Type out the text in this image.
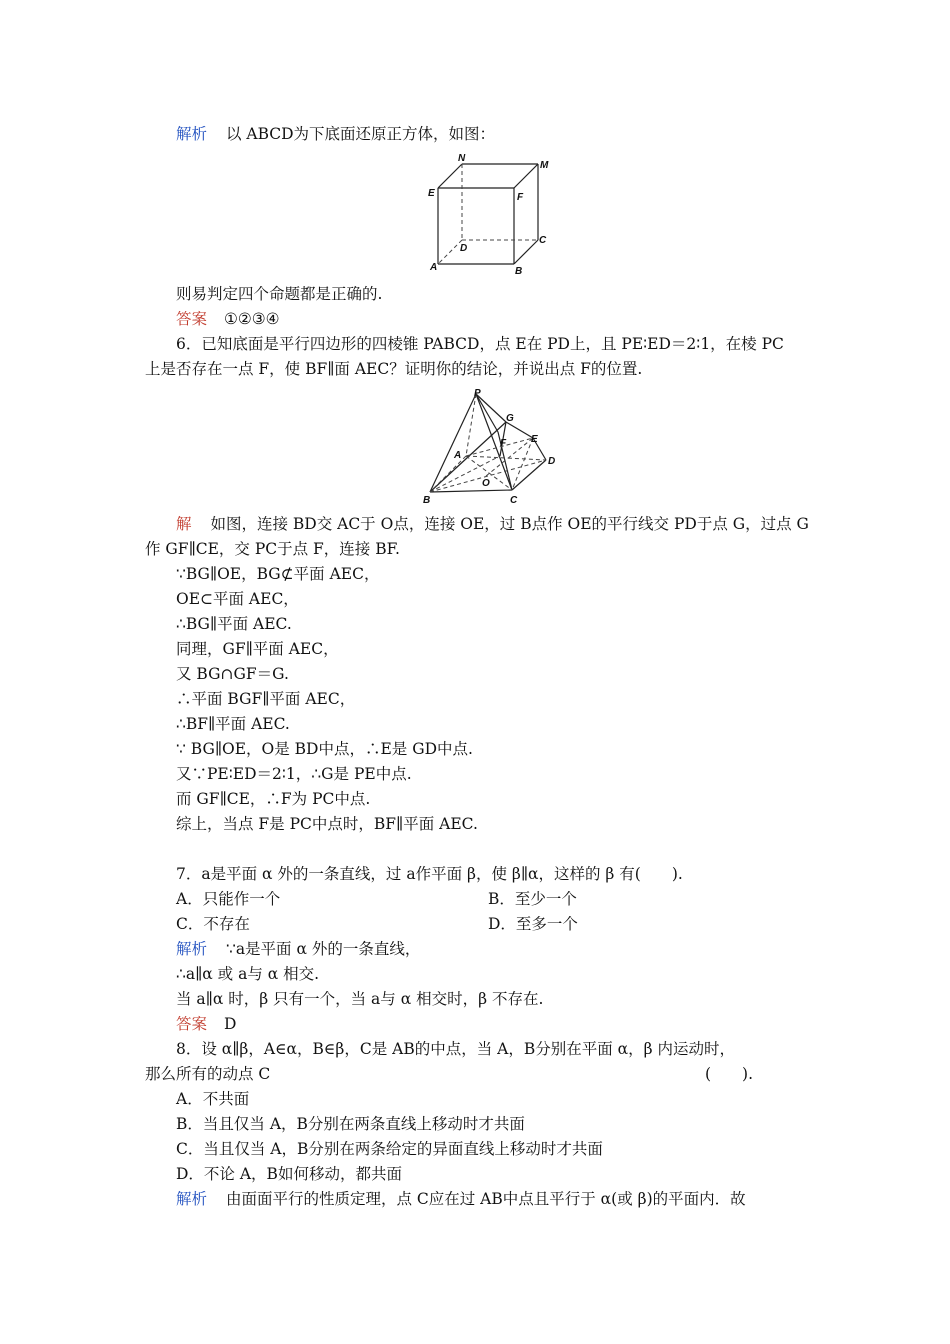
解析 以 ABCD为下底面还原正方体，如图：
N
M
E	F
D
C
A	B
则易判定四个命题都是正确的.
答案 ①②③④
6．已知底面是平行四边形的四棱锥 PABCD，点 E在 PD上，且 PE∶ED＝2∶1，在棱 PC
上是否存在一点 F，使 BF∥面 AEC？证明你的结论，并说出点 F的位置.
P
G
F E
A
D
O
B	C
解 如图，连接 BD交 AC于 O点，连接 OE，过 B点作 OE的平行线交 PD于点 G，过点 G
作 GF∥CE，交 PC于点 F，连接 BF.
∵BG∥OE，BG⊄平面 AEC，
OE⊂平面 AEC，
∴BG∥平面 AEC.
同理，GF∥平面 AEC，
又 BG∩GF＝G.
∴平面 BGF∥平面 AEC，
∴BF∥平面 AEC.
∵ BG∥OE，O是 BD中点，∴E是 GD中点.
又∵PE∶ED＝2∶1，∴G是 PE中点.
而 GF∥CE，∴F为 PC中点.
综上，当点 F是 PC中点时，BF∥平面 AEC.
7．a是平面 α 外的一条直线，过 a作平面 β，使 β∥α，这样的 β 有(　　).
A．只能作一个	B．至少一个
C．不存在	D．至多一个
解析 ∵a是平面 α 外的一条直线，
∴a∥α 或 a与 α 相交.
当 a∥α 时，β 只有一个，当 a与 α 相交时，β 不存在.
答案 D
8．设 α∥β，A∈α，B∈β，C是 AB的中点，当 A，B分别在平面 α，β 内运动时，
那么所有的动点 C	(　　).
A．不共面
B．当且仅当 A，B分别在两条直线上移动时才共面
C．当且仅当 A，B分别在两条给定的异面直线上移动时才共面
D．不论 A，B如何移动，都共面
解析 由面面平行的性质定理，点 C应在过 AB中点且平行于 α(或 β)的平面内．故
